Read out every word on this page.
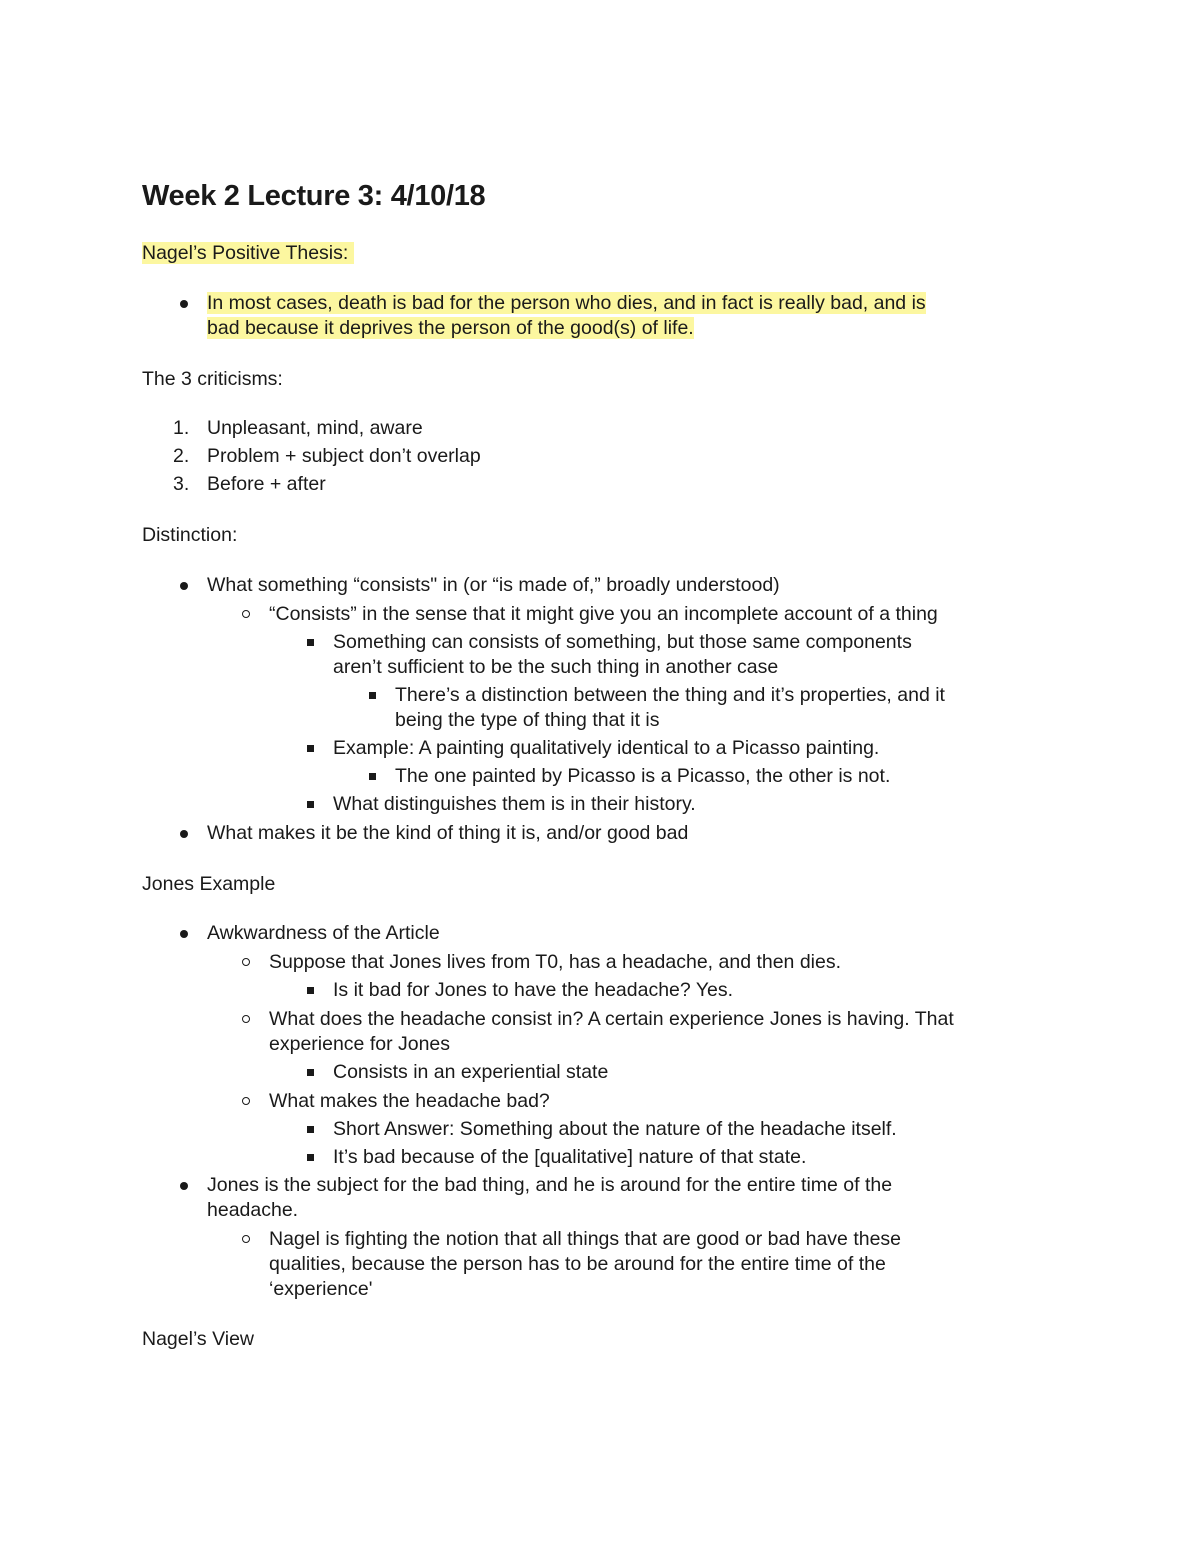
Week 2 Lecture 3: 4/10/18

Nagel’s Positive Thesis:

In most cases, death is bad for the person who dies, and in fact is really bad, and is

bad because it deprives the person of the good(s) of life.

The 3 criticisms:

1. Unpleasant, mind, aware

2. Problem + subject don’t overlap

3. Before + after

Distinction:

What something “consists" in (or “is made of,” broadly understood)

“Consists” in the sense that it might give you an incomplete account of a thing

Something can consists of something, but those same components

aren’t sufficient to be the such thing in another case

There’s a distinction between the thing and it’s properties, and it

being the type of thing that it is

Example: A painting qualitatively identical to a Picasso painting.

The one painted by Picasso is a Picasso, the other is not.

What distinguishes them is in their history.

What makes it be the kind of thing it is, and/or good bad

Jones Example

Awkwardness of the Article

Suppose that Jones lives from T0, has a headache, and then dies.

Is it bad for Jones to have the headache? Yes.

What does the headache consist in? A certain experience Jones is having. That

experience for Jones

Consists in an experiential state

What makes the headache bad?

Short Answer: Something about the nature of the headache itself.

It’s bad because of the [qualitative] nature of that state.

Jones is the subject for the bad thing, and he is around for the entire time of the

headache.

Nagel is fighting the notion that all things that are good or bad have these

qualities, because the person has to be around for the entire time of the

‘experience'

Nagel’s View
